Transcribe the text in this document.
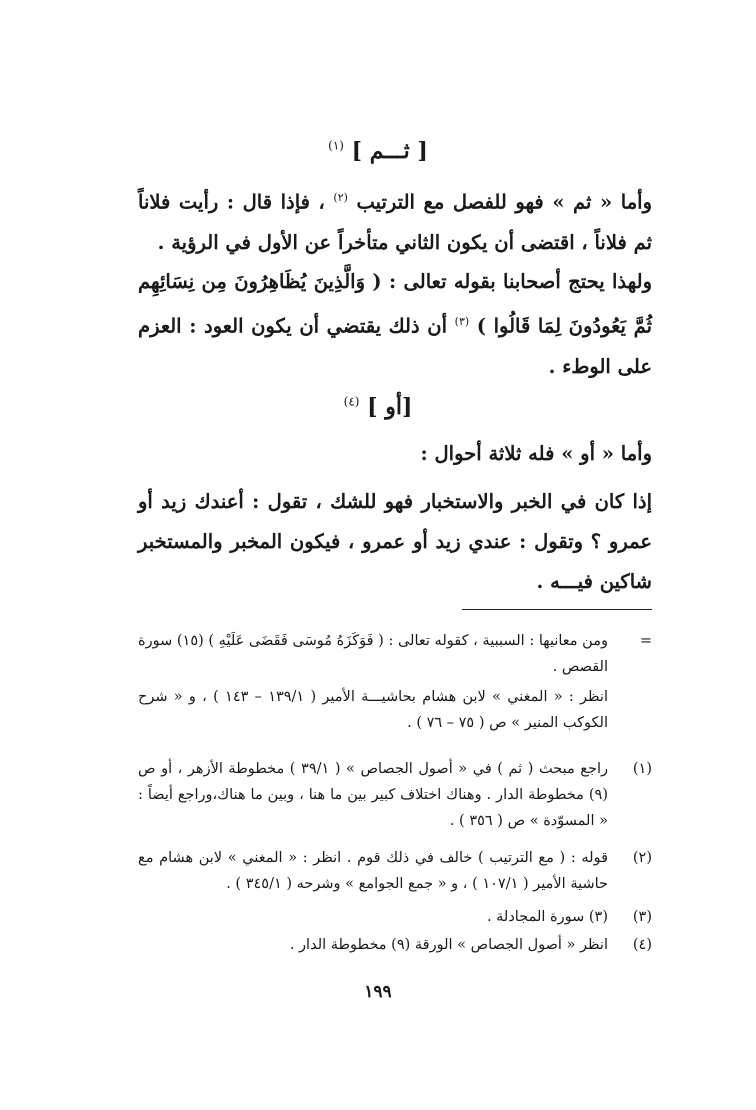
[ ثـــم ] $^{(١)}$
وأما « ثم » فهو للفصل مع الترتيب $^{(٢)}$ ، فإذا قال : رأيت فلاناً ثم فلاناً ، اقتضى أن يكون الثاني متأخراً عن الأول في الرؤية .
ولهذا يحتج أصحابنا بقوله تعالى : ( وَالَّذِينَ يُظَاهِرُونَ مِن نِسَائِهِم ثُمَّ يَعُودُونَ لِمَا قَالُوا ) $^{(٣)}$ أن ذلك يقتضي أن يكون العود : العزم على الوطء .
[أو ] $^{(٤)}$
وأما « أو » فله ثلاثة أحوال :
إذا كان في الخبر والاستخبار فهو للشك ، تقول : أعندك زيد أو عمرو ؟ وتقول : عندي زيد أو عمرو ، فيكون المخبر والمستخبر شاكين فيـــه .
=
ومن معانيها : السببية ، كقوله تعالى : ( فَوَكَزَهُ مُوسَى فَقَضَى عَلَيْهِ ) (١٥) سورة القصص .
انظر : « المغني » لابن هشام بحاشيـــة الأمير ( ١٣٩/١ – ١٤٣ ) ، و « شرح الكوكب المنير » ص ( ٧٥ – ٧٦ ) .
(١)
راجع مبحث ( ثم ) في « أصول الجصاص » ( ٣٩/١ ) مخطوطة الأزهر ، أو ص (٩) مخطوطة الدار . وهناك اختلاف كبير بين ما هنا ، وبين ما هناك،وراجع أيضاً : « المسوّدة » ص ( ٣٥٦ ) .
(٢)
قوله : ( مع الترتيب ) خالف في ذلك قوم . انظر : « المغني » لابن هشام مع حاشية الأمير ( ١٠٧/١ ) ، و « جمع الجوامع » وشرحه ( ٣٤٥/١ ) .
(٣)
(٣) سورة المجادلة .
(٤)
انظر « أصول الجصاص » الورقة (٩) مخطوطة الدار .
١٩٩
